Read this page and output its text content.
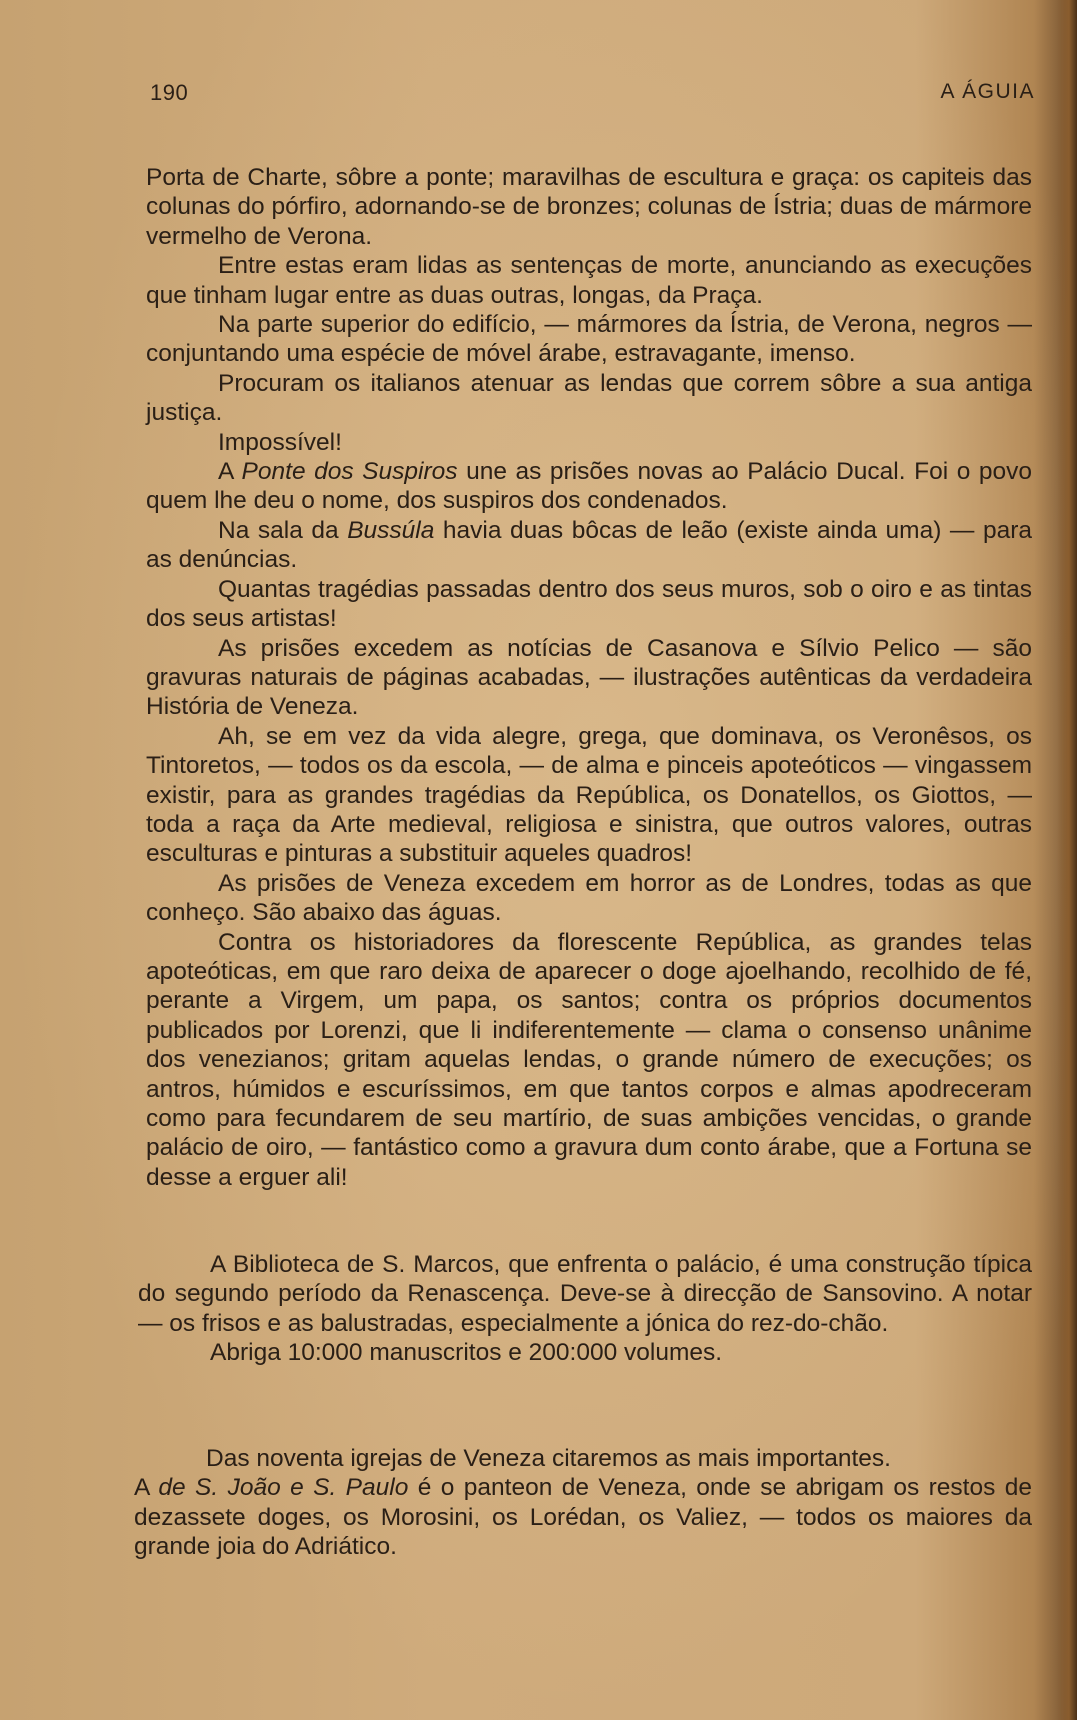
190	A ÁGUIA

Porta de Charte, sôbre a ponte; maravilhas de escultura e graça: os capiteis das colunas do pórfiro, adornando-se de bronzes; colunas de Ístria; duas de mármore vermelho de Verona.

Entre estas eram lidas as sentenças de morte, anunciando as execuções que tinham lugar entre as duas outras, longas, da Praça.

Na parte superior do edifício, — mármores da Ístria, de Verona, negros — conjuntando uma espécie de móvel árabe, estravagante, imenso.

Procuram os italianos atenuar as lendas que correm sôbre a sua antiga justiça.

Impossível!

A Ponte dos Suspiros une as prisões novas ao Palácio Ducal. Foi o povo quem lhe deu o nome, dos suspiros dos condenados.

Na sala da Bussúla havia duas bôcas de leão (existe ainda uma) — para as denúncias.

Quantas tragédias passadas dentro dos seus muros, sob o oiro e as tintas dos seus artistas!

As prisões excedem as notícias de Casanova e Sílvio Pelico — são gravuras naturais de páginas acabadas, — ilustrações autênticas da verdadeira História de Veneza.

Ah, se em vez da vida alegre, grega, que dominava, os Veronêsos, os Tintoretos, — todos os da escola, — de alma e pinceis apoteóticos — vingassem existir, para as grandes tragédias da República, os Donatellos, os Giottos, — toda a raça da Arte medieval, religiosa e sinistra, que outros valores, outras esculturas e pinturas a substituir aqueles quadros!

As prisões de Veneza excedem em horror as de Londres, todas as que conheço. São abaixo das águas.

Contra os historiadores da florescente República, as grandes telas apoteóticas, em que raro deixa de aparecer o doge ajoelhando, recolhido de fé, perante a Virgem, um papa, os santos; contra os próprios documentos publicados por Lorenzi, que li indiferentemente — clama o consenso unânime dos venezianos; gritam aquelas lendas, o grande número de execuções; os antros, húmidos e escuríssimos, em que tantos corpos e almas apodreceram como para fecundarem de seu martírio, de suas ambições vencidas, o grande palácio de oiro, — fantástico como a gravura dum conto árabe, que a Fortuna se desse a erguer ali!

A Biblioteca de S. Marcos, que enfrenta o palácio, é uma construção típica do segundo período da Renascença. Deve-se à direcção de Sansovino. A notar — os frisos e as balustradas, especialmente a jónica do rez-do-chão.

Abriga 10:000 manuscritos e 200:000 volumes.

Das noventa igrejas de Veneza citaremos as mais importantes.

A de S. João e S. Paulo é o panteon de Veneza, onde se abrigam os restos de dezassete doges, os Morosini, os Lorédan, os Valiez, — todos os maiores da grande joia do Adriático.
